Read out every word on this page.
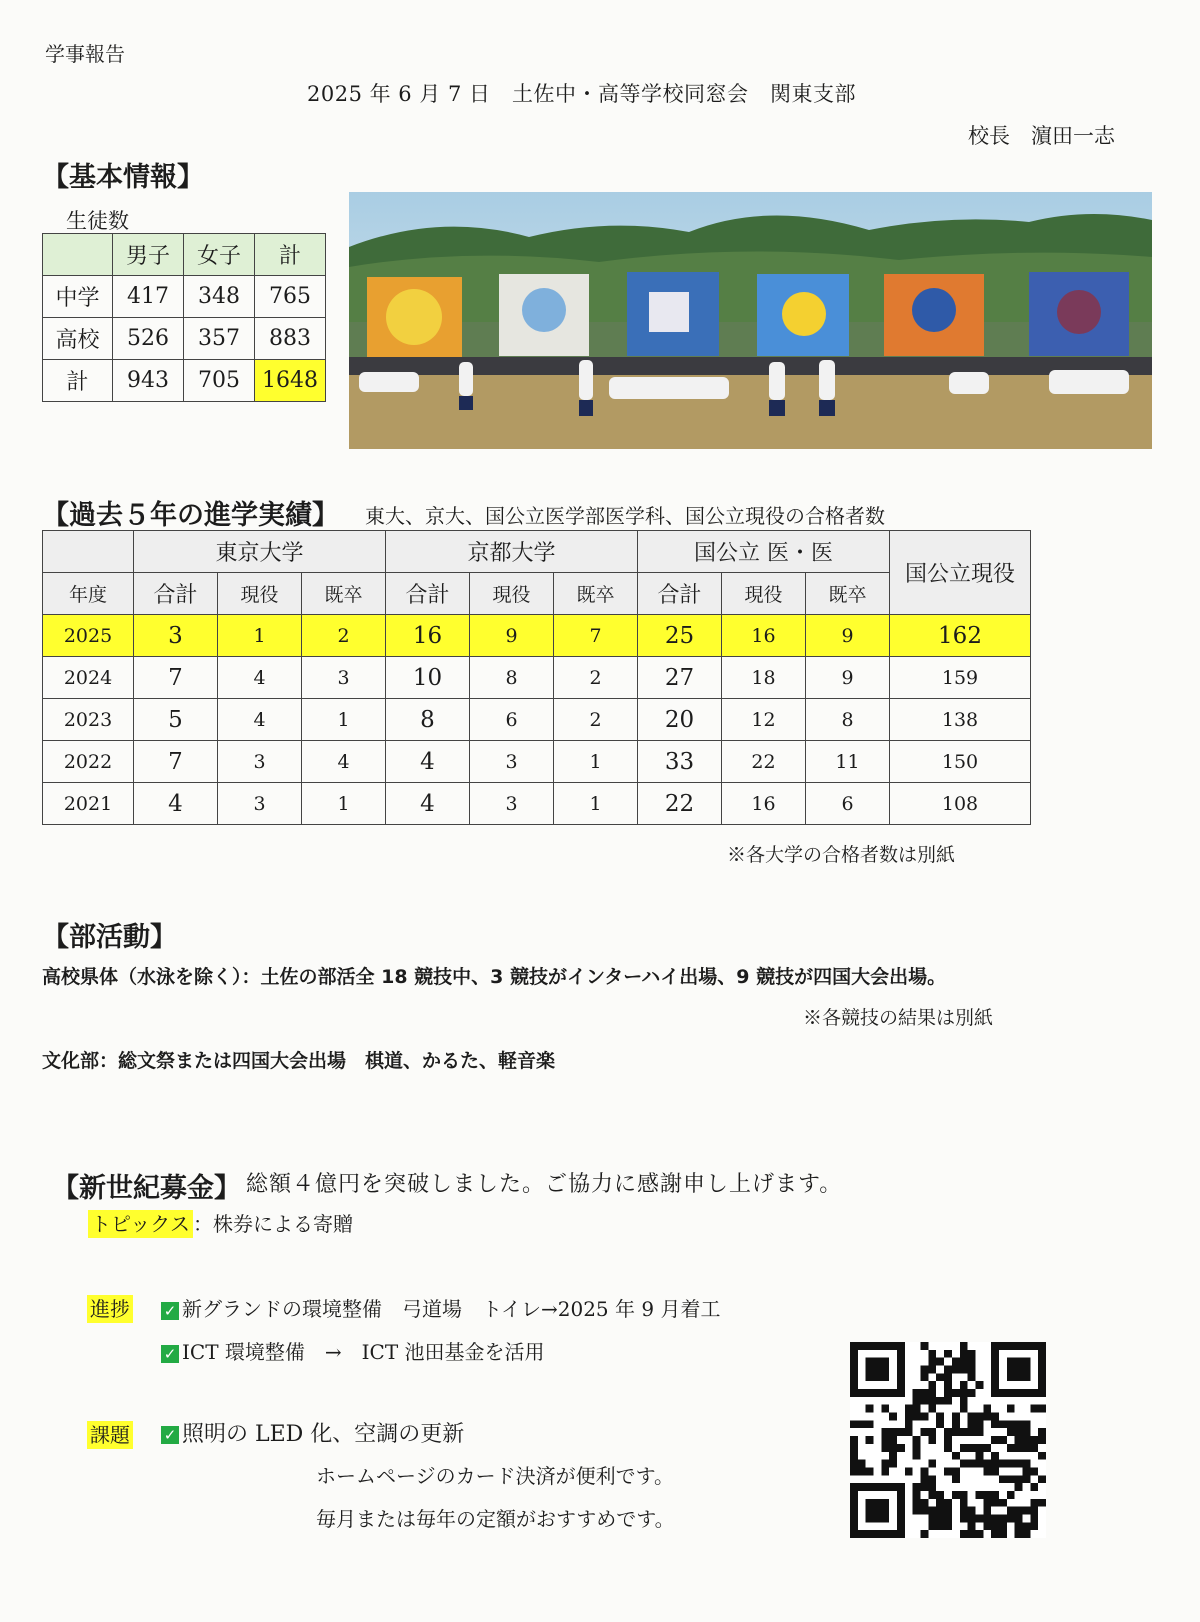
学事報告
2025 年 6 月 7 日　土佐中・高等学校同窓会　関東支部
校長　濵田一志
【基本情報】
生徒数
	男子	女子	計
中学	417	348	765
高校	526	357	883
計	943	705	1648
【過去５年の進学実績】 東大、京大、国公立医学部医学科、国公立現役の合格者数
	東京大学			京都大学			国公立 医・医			国公立現役
年度	合計	現役	既卒	合計	現役	既卒	合計	現役	既卒	
2025	3	1	2	16	9	7	25	16	9	162
2024	7	4	3	10	8	2	27	18	9	159
2023	5	4	1	8	6	2	20	12	8	138
2022	7	3	4	4	3	1	33	22	11	150
2021	4	3	1	4	3	1	22	16	6	108
※各大学の合格者数は別紙
【部活動】
高校県体（水泳を除く）：土佐の部活全 18 競技中、3 競技がインターハイ出場、9 競技が四国大会出場。
※各競技の結果は別紙
文化部：総文祭または四国大会出場　棋道、かるた、軽音楽
【新世紀募金】 総額４億円を突破しました。ご協力に感謝申し上げます。
トピックス ：株券による寄贈
進捗 ✓ 新グランドの環境整備　弓道場　トイレ→2025 年 9 月着工
✓ ICT 環境整備　→　ICT 池田基金を活用
課題 ✓ 照明の LED 化、空調の更新
ホームページのカード決済が便利です。
毎月または毎年の定額がおすすめです。
